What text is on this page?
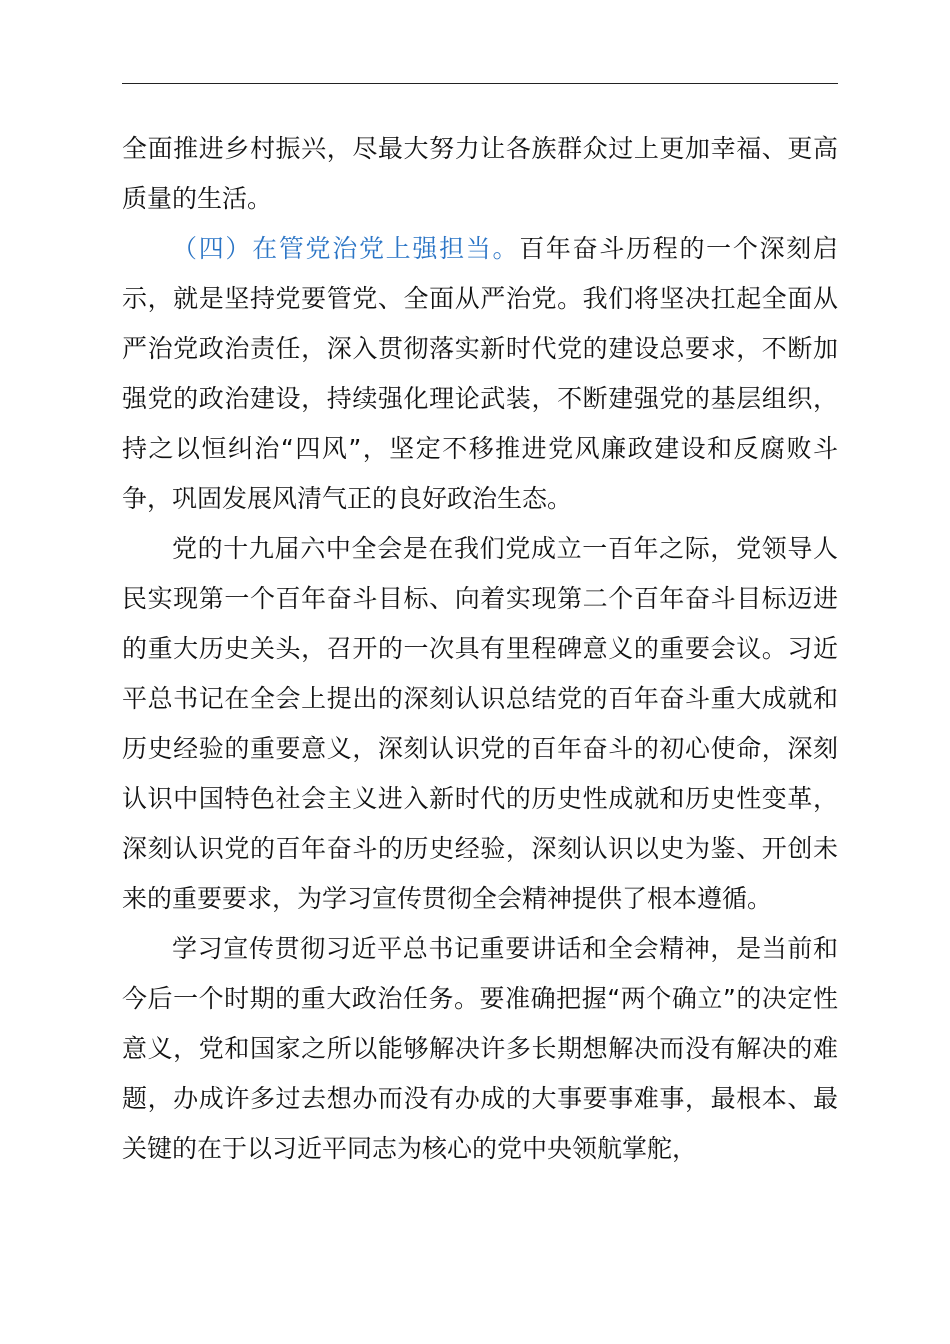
全面推进乡村振兴，尽最大努力让各族群众过上更加幸福、更高质量的生活。

（四）在管党治党上强担当。百年奋斗历程的一个深刻启示，就是坚持党要管党、全面从严治党。我们将坚决扛起全面从严治党政治责任，深入贯彻落实新时代党的建设总要求，不断加强党的政治建设，持续强化理论武装，不断建强党的基层组织，持之以恒纠治“四风”，坚定不移推进党风廉政建设和反腐败斗争，巩固发展风清气正的良好政治生态。

党的十九届六中全会是在我们党成立一百年之际，党领导人民实现第一个百年奋斗目标、向着实现第二个百年奋斗目标迈进的重大历史关头，召开的一次具有里程碑意义的重要会议。习近平总书记在全会上提出的深刻认识总结党的百年奋斗重大成就和历史经验的重要意义，深刻认识党的百年奋斗的初心使命，深刻认识中国特色社会主义进入新时代的历史性成就和历史性变革，深刻认识党的百年奋斗的历史经验，深刻认识以史为鉴、开创未来的重要要求，为学习宣传贯彻全会精神提供了根本遵循。

学习宣传贯彻习近平总书记重要讲话和全会精神，是当前和今后一个时期的重大政治任务。要准确把握“两个确立”的决定性意义，党和国家之所以能够解决许多长期想解决而没有解决的难题，办成许多过去想办而没有办成的大事要事难事，最根本、最关键的在于以习近平同志为核心的党中央领航掌舵，
